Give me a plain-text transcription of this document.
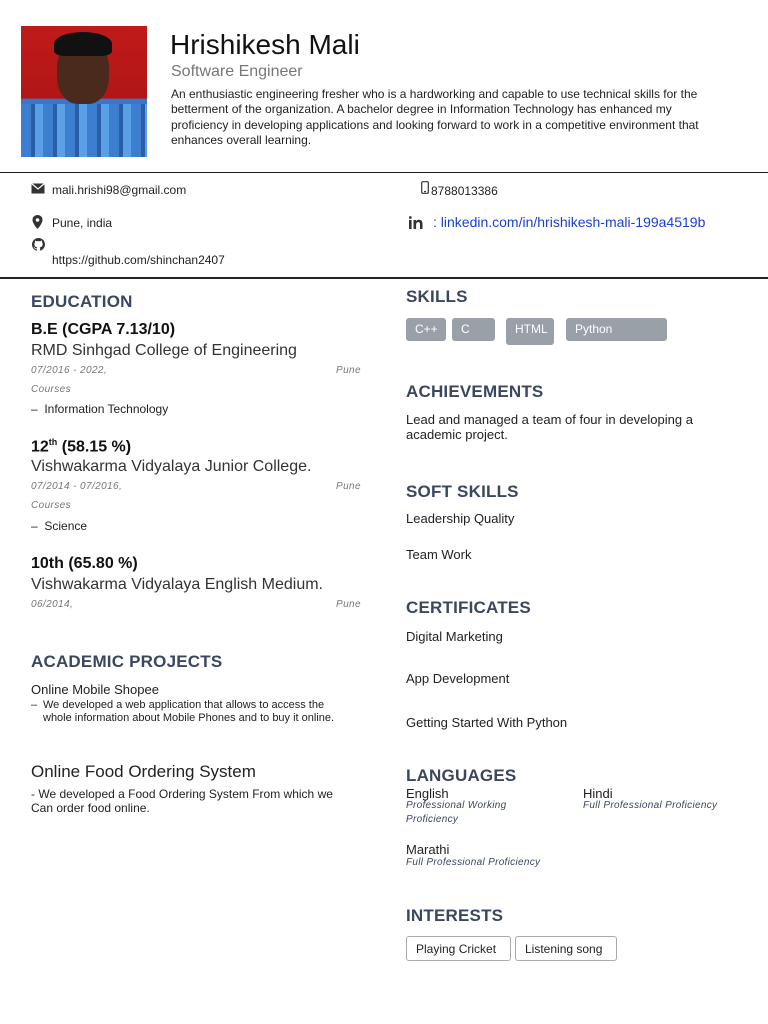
Hrishikesh Mali
Software Engineer
An enthusiastic engineering fresher who is a hardworking and capable to use technical skills for the betterment of the organization. A bachelor degree in Information Technology has enhanced my proficiency in developing applications and looking forward to work in a competitive environment that enhances overall learning.
mali.hrishi98@gmail.com	8788013386
Pune, india	: linkedin.com/in/hrishikesh-mali-199a4519b
https://github.com/shinchan2407
EDUCATION
B.E (CGPA 7.13/10)
RMD Sinhgad College of Engineering
07/2016 - 2022,	Pune
Courses
–  Information Technology
12th (58.15 %)
Vishwakarma Vidyalaya Junior College.
07/2014 - 07/2016,	Pune
Courses
–  Science
10th (65.80 %)
Vishwakarma Vidyalaya English Medium.
06/2014,	Pune
ACADEMIC PROJECTS
Online Mobile Shopee
– We developed a web application that allows to access the
whole information about Mobile Phones and to buy it online.
Online Food Ordering System
- We developed a Food Ordering System From which we
Can order food online.
SKILLS
C++	C	HTML	Python
ACHIEVEMENTS
Lead and managed a team of four in developing a academic project.
SOFT SKILLS
Leadership Quality
Team Work
CERTIFICATES
Digital Marketing
App Development
Getting Started With Python
LANGUAGES
English
Professional Working Proficiency
Hindi
Full Professional Proficiency
Marathi
Full Professional Proficiency
INTERESTS
Playing Cricket	Listening song
